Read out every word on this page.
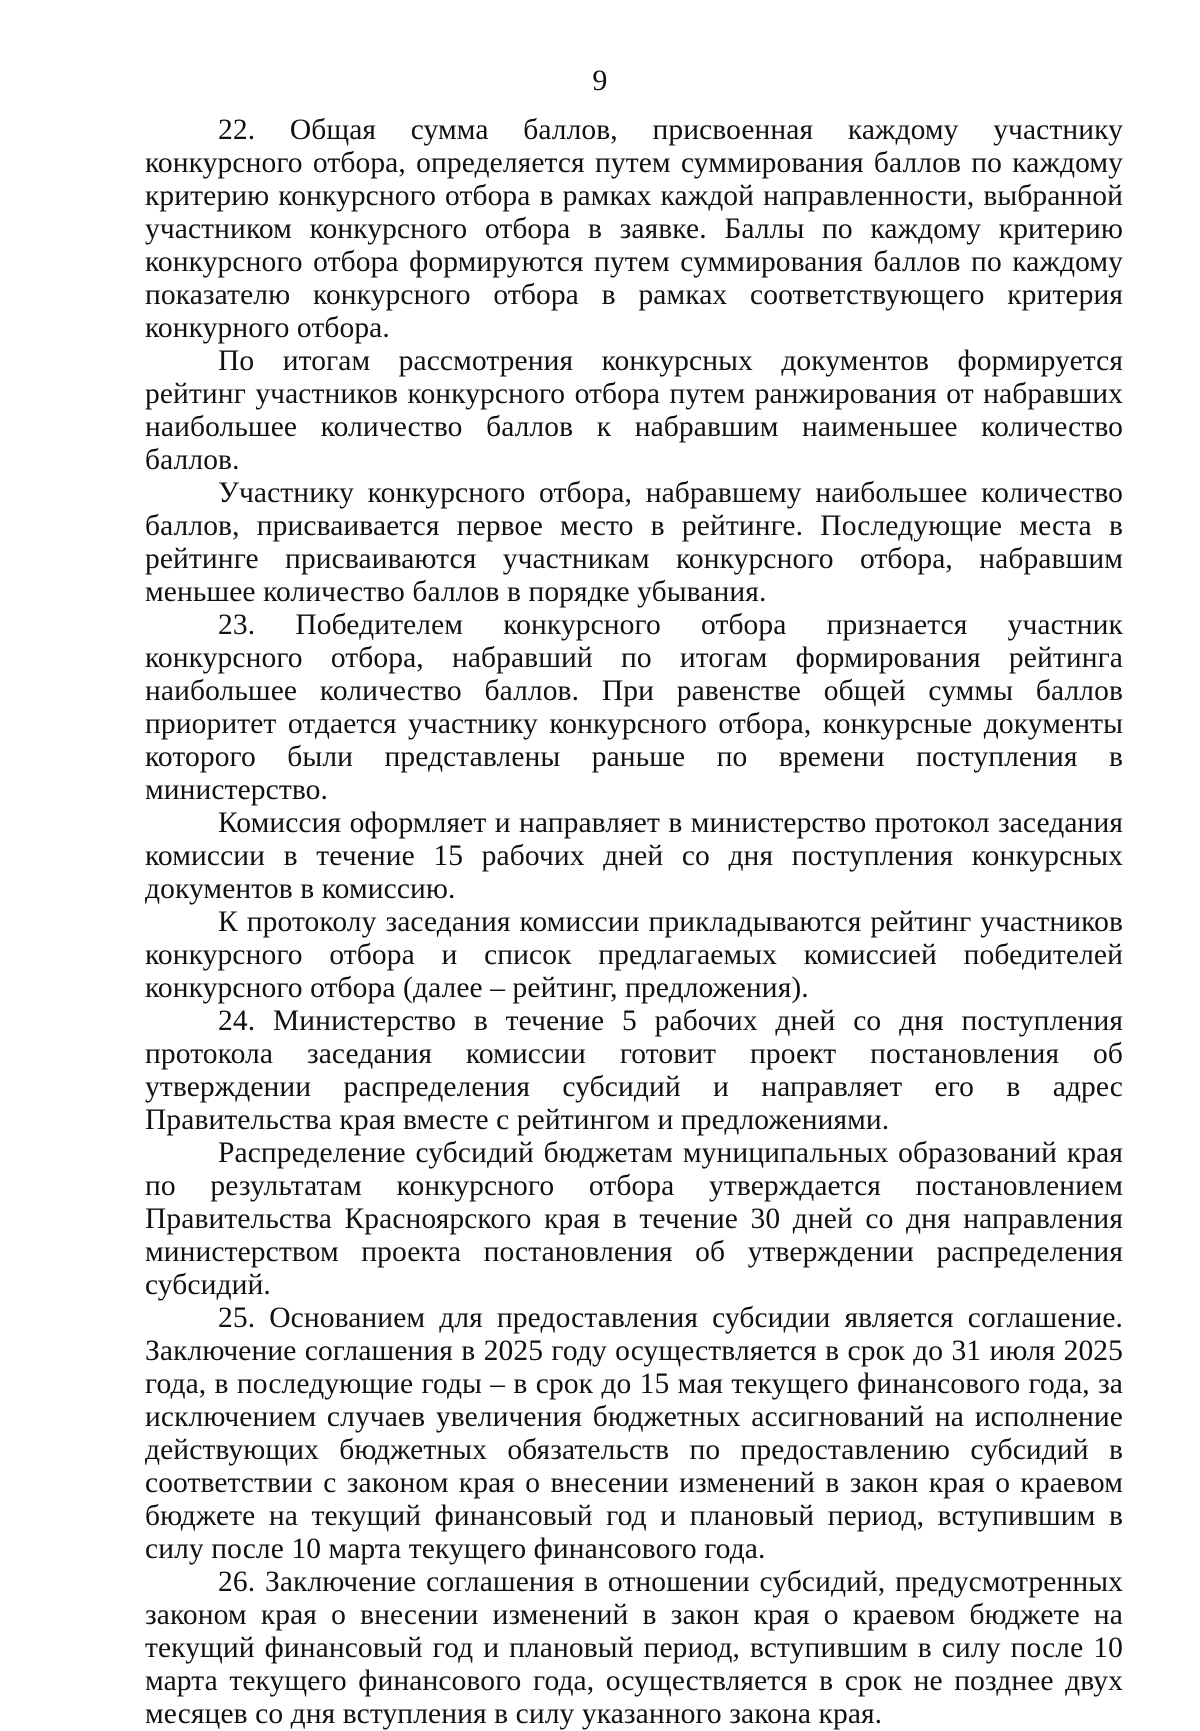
9

22. Общая сумма баллов, присвоенная каждому участнику конкурсного отбора, определяется путем суммирования баллов по каждому критерию конкурсного отбора в рамках каждой направленности, выбранной участником конкурсного отбора в заявке. Баллы по каждому критерию конкурсного отбора формируются путем суммирования баллов по каждому показателю конкурсного отбора в рамках соответствующего критерия конкурного отбора.

По итогам рассмотрения конкурсных документов формируется рейтинг участников конкурсного отбора путем ранжирования от набравших наибольшее количество баллов к набравшим наименьшее количество баллов.

Участнику конкурсного отбора, набравшему наибольшее количество баллов, присваивается первое место в рейтинге. Последующие места в рейтинге присваиваются участникам конкурсного отбора, набравшим меньшее количество баллов в порядке убывания.

23. Победителем конкурсного отбора признается участник конкурсного отбора, набравший по итогам формирования рейтинга наибольшее количество баллов. При равенстве общей суммы баллов приоритет отдается участнику конкурсного отбора, конкурсные документы которого были представлены раньше по времени поступления в министерство.

Комиссия оформляет и направляет в министерство протокол заседания комиссии в течение 15 рабочих дней со дня поступления конкурсных документов в комиссию.

К протоколу заседания комиссии прикладываются рейтинг участников конкурсного отбора и список предлагаемых комиссией победителей конкурсного отбора (далее – рейтинг, предложения).

24. Министерство в течение 5 рабочих дней со дня поступления протокола заседания комиссии готовит проект постановления об утверждении распределения субсидий и направляет его в адрес Правительства края вместе с рейтингом и предложениями.

Распределение субсидий бюджетам муниципальных образований края по результатам конкурсного отбора утверждается постановлением Правительства Красноярского края в течение 30 дней со дня направления министерством проекта постановления об утверждении распределения субсидий.

25. Основанием для предоставления субсидии является соглашение. Заключение соглашения в 2025 году осуществляется в срок до 31 июля 2025 года, в последующие годы – в срок до 15 мая текущего финансового года, за исключением случаев увеличения бюджетных ассигнований на исполнение действующих бюджетных обязательств по предоставлению субсидий в соответствии с законом края о внесении изменений в закон края о краевом бюджете на текущий финансовый год и плановый период, вступившим в силу после 10 марта текущего финансового года.

26. Заключение соглашения в отношении субсидий, предусмотренных законом края о внесении изменений в закон края о краевом бюджете на текущий финансовый год и плановый период, вступившим в силу после 10 марта текущего финансового года, осуществляется в срок не позднее двух месяцев со дня вступления в силу указанного закона края.
